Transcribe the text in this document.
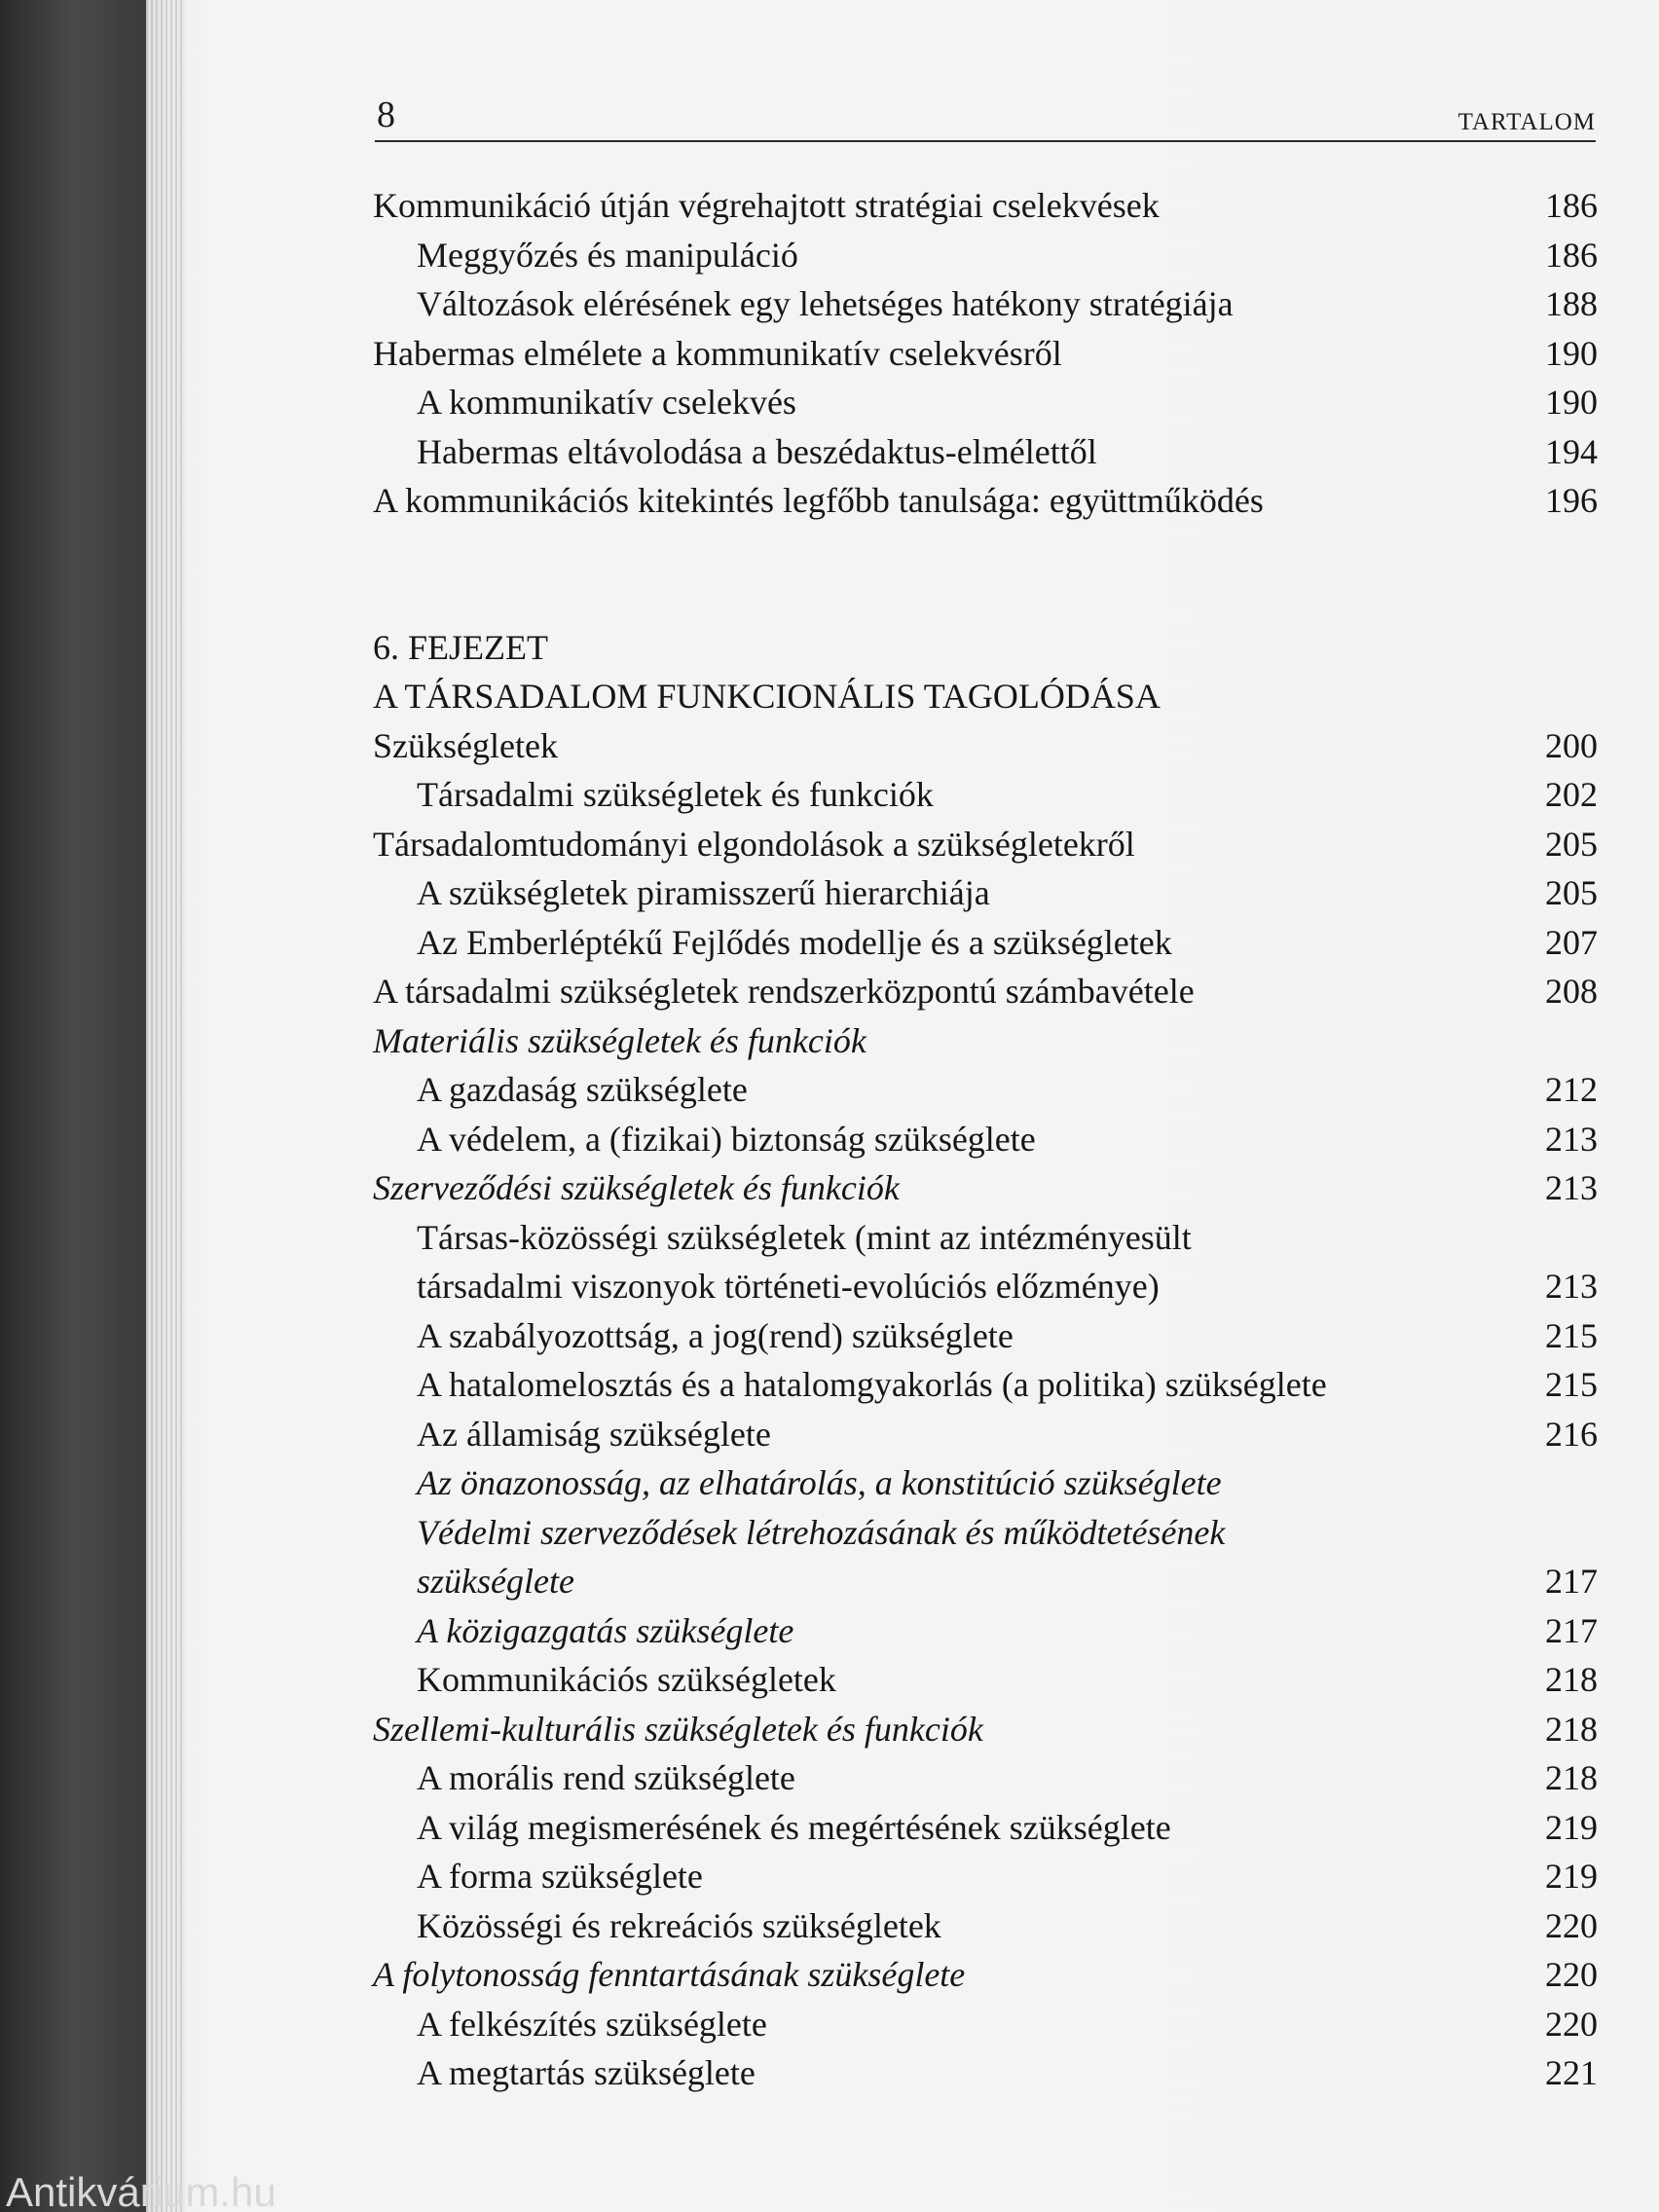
8	TARTALOM
Kommunikáció útján végrehajtott stratégiai cselekvések	186
Meggyőzés és manipuláció	186
Változások elérésének egy lehetséges hatékony stratégiája	188
Habermas elmélete a kommunikatív cselekvésről	190
A kommunikatív cselekvés	190
Habermas eltávolodása a beszédaktus-elmélettől	194
A kommunikációs kitekintés legfőbb tanulsága: együttműködés	196
6. FEJEZET
A TÁRSADALOM FUNKCIONÁLIS TAGOLÓDÁSA
Szükségletek	200
Társadalmi szükségletek és funkciók	202
Társadalomtudományi elgondolások a szükségletekről	205
A szükségletek piramisszerű hierarchiája	205
Az Emberléptékű Fejlődés modellje és a szükségletek	207
A társadalmi szükségletek rendszerközpontú számbavétele	208
Materiális szükségletek és funkciók
A gazdaság szükséglete	212
A védelem, a (fizikai) biztonság szükséglete	213
Szerveződési szükségletek és funkciók	213
Társas-közösségi szükségletek (mint az intézményesült
társadalmi viszonyok történeti-evolúciós előzménye)	213
A szabályozottság, a jog(rend) szükséglete	215
A hatalomelosztás és a hatalomgyakorlás (a politika) szükséglete	215
Az államiság szükséglete	216
Az önazonosság, az elhatárolás, a konstitúció szükséglete
Védelmi szerveződések létrehozásának és működtetésének
szükséglete	217
A közigazgatás szükséglete	217
Kommunikációs szükségletek	218
Szellemi-kulturális szükségletek és funkciók	218
A morális rend szükséglete	218
A világ megismerésének és megértésének szükséglete	219
A forma szükséglete	219
Közösségi és rekreációs szükségletek	220
A folytonosság fenntartásának szükséglete	220
A felkészítés szükséglete	220
A megtartás szükséglete	221
Antikvárium.hu
